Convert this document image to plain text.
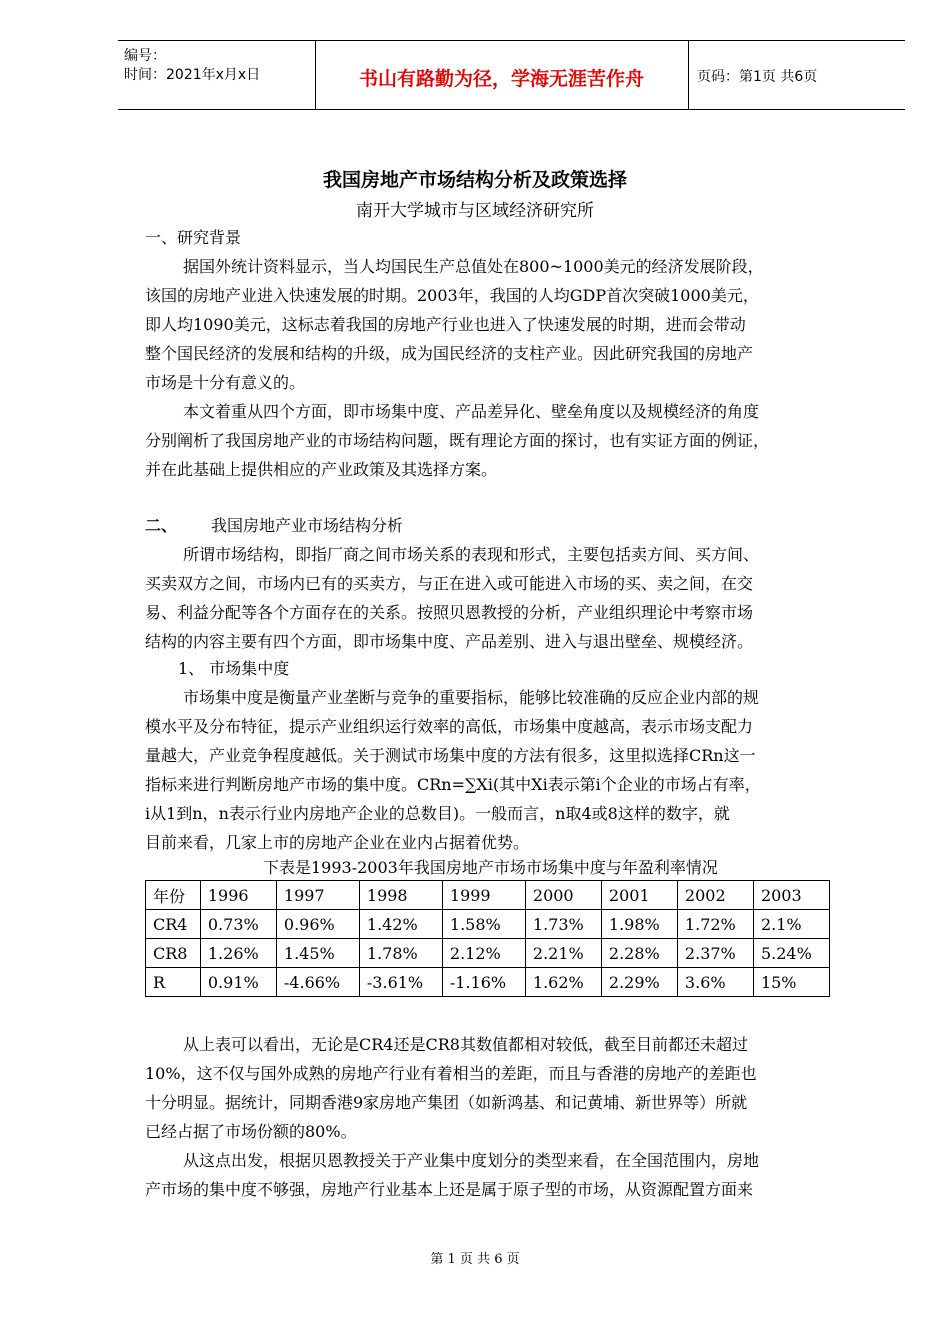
编号：
时间：2021年x月x日	书山有路勤为径，学海无涯苦作舟	页码：第1页 共6页
我国房地产市场结构分析及政策选择
南开大学城市与区域经济研究所
一、研究背景
据国外统计资料显示，当人均国民生产总值处在800~1000美元的经济发展阶段，
该国的房地产业进入快速发展的时期。2003年，我国的人均GDP首次突破1000美元，
即人均1090美元，这标志着我国的房地产行业也进入了快速发展的时期，进而会带动
整个国民经济的发展和结构的升级，成为国民经济的支柱产业。因此研究我国的房地产
市场是十分有意义的。
本文着重从四个方面，即市场集中度、产品差异化、壁垒角度以及规模经济的角度
分别阐析了我国房地产业的市场结构问题，既有理论方面的探讨，也有实证方面的例证，
并在此基础上提供相应的产业政策及其选择方案。
二、 我国房地产业市场结构分析
所谓市场结构，即指厂商之间市场关系的表现和形式，主要包括卖方间、买方间、
买卖双方之间，市场内已有的买卖方，与正在进入或可能进入市场的买、卖之间，在交
易、利益分配等各个方面存在的关系。按照贝恩教授的分析，产业组织理论中考察市场
结构的内容主要有四个方面，即市场集中度、产品差别、进入与退出壁垒、规模经济。
1、 市场集中度
市场集中度是衡量产业垄断与竞争的重要指标，能够比较准确的反应企业内部的规
模水平及分布特征，提示产业组织运行效率的高低，市场集中度越高，表示市场支配力
量越大，产业竞争程度越低。关于测试市场集中度的方法有很多，这里拟选择CRn这一
指标来进行判断房地产市场的集中度。CRn=∑Xi(其中Xi表示第i个企业的市场占有率，
i从1到n，n表示行业内房地产企业的总数目)。一般而言，n取4或8这样的数字，就
目前来看，几家上市的房地产企业在业内占据着优势。
下表是1993-2003年我国房地产市场市场集中度与年盈利率情况
年份	1996	1997	1998	1999	2000	2001	2002	2003
CR4	0.73%	0.96%	1.42%	1.58%	1.73%	1.98%	1.72%	2.1%
CR8	1.26%	1.45%	1.78%	2.12%	2.21%	2.28%	2.37%	5.24%
R	0.91%	-4.66%	-3.61%	-1.16%	1.62%	2.29%	3.6%	15%
从上表可以看出，无论是CR4还是CR8其数值都相对较低，截至目前都还未超过
10%，这不仅与国外成熟的房地产行业有着相当的差距，而且与香港的房地产的差距也
十分明显。据统计，同期香港9家房地产集团（如新鸿基、和记黄埔、新世界等）所就
已经占据了市场份额的80%。
从这点出发，根据贝恩教授关于产业集中度划分的类型来看，在全国范围内，房地
产市场的集中度不够强，房地产行业基本上还是属于原子型的市场，从资源配置方面来
第 1 页 共 6 页
